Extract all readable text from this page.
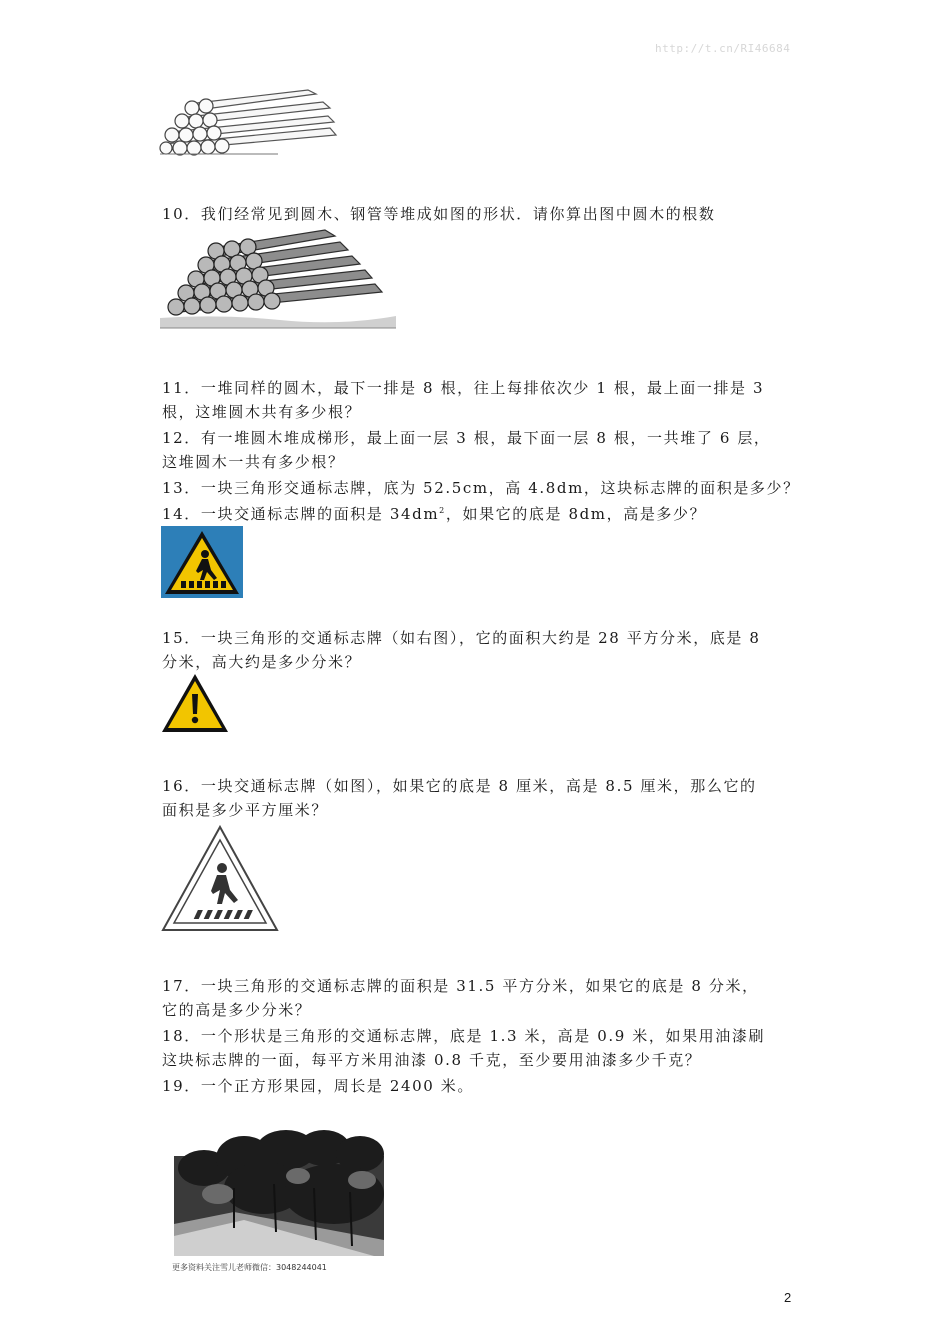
http://t.cn/RI46684
10．我们经常见到圆木、钢管等堆成如图的形状．请你算出图中圆木的根数
11．一堆同样的圆木，最下一排是 8 根，往上每排依次少 1 根，最上面一排是 3
根，这堆圆木共有多少根？
12．有一堆圆木堆成梯形，最上面一层 3 根，最下面一层 8 根，一共堆了 6 层，
这堆圆木一共有多少根？
13．一块三角形交通标志牌，底为 52.5cm，高 4.8dm，这块标志牌的面积是多少？
14．一块交通标志牌的面积是 $34dm^2$，如果它的底是 8dm，高是多少？
15．一块三角形的交通标志牌（如右图），它的面积大约是 28 平方分米，底是 8
分米，高大约是多少分米？
16．一块交通标志牌（如图），如果它的底是 8 厘米，高是 8.5 厘米，那么它的
面积是多少平方厘米？
17．一块三角形的交通标志牌的面积是 31.5 平方分米，如果它的底是 8 分米，
它的高是多少分米？
18．一个形状是三角形的交通标志牌，底是 1.3 米，高是 0.9 米，如果用油漆刷
这块标志牌的一面，每平方米用油漆 0.8 千克，至少要用油漆多少千克？
19．一个正方形果园，周长是 2400 米。
更多资料关注雪儿老师微信：3048244041
2
